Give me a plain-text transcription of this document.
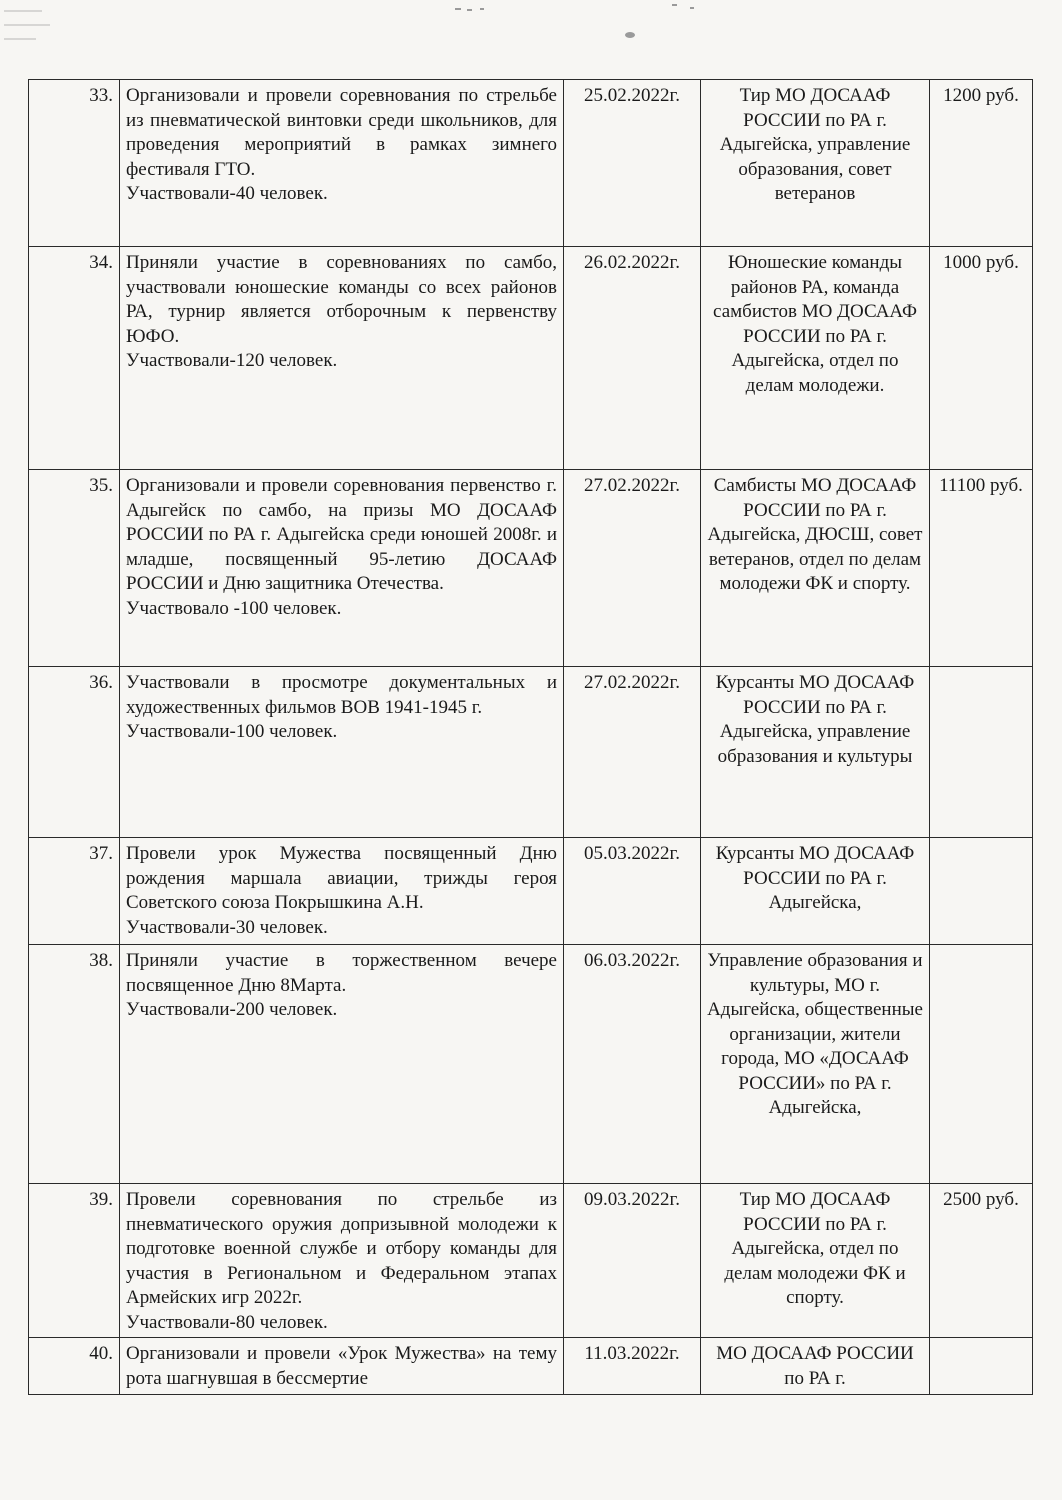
33.	Организовали и провели соревнования по стрельбе из пневматической винтовки среди школьников, для проведения мероприятий в рамках зимнего фестиваля ГТО.
Участвовали-40 человек.	25.02.2022г.	Тир МО ДОСААФ РОССИИ по РА г. Адыгейска, управление образования, совет ветеранов	1200 руб.
34.	Приняли участие в соревнованиях по самбо, участвовали юношеские команды со всех районов РА, турнир является отборочным к первенству ЮФО.
Участвовали-120 человек.	26.02.2022г.	Юношеские команды районов РА, команда самбистов МО ДОСААФ РОССИИ по РА г. Адыгейска, отдел по делам молодежи.	1000 руб.
35.	Организовали и провели соревнования первенство г. Адыгейск по самбо, на призы МО ДОСААФ РОССИИ по РА г. Адыгейска среди юношей 2008г. и младше, посвященный 95-летию ДОСААФ РОССИИ и Дню защитника Отечества.
Участвовало -100 человек.	27.02.2022г.	Самбисты МО ДОСААФ РОССИИ по РА г. Адыгейска, ДЮСШ, совет ветеранов, отдел по делам молодежи ФК и спорту.	11100 руб.
36.	Участвовали в просмотре документальных и художественных фильмов ВОВ 1941-1945 г.
Участвовали-100 человек.	27.02.2022г.	Курсанты МО ДОСААФ РОССИИ по РА г. Адыгейска, управление образования и культуры	

37.	Провели урок Мужества посвященный Дню рождения маршала авиации, трижды героя Советского союза Покрышкина А.Н.
Участвовали-30 человек.	05.03.2022г.	Курсанты МО ДОСААФ РОССИИ по РА г. Адыгейска,	

38.	Приняли участие в торжественном вечере посвященное Дню 8Марта.
Участвовали-200 человек.	06.03.2022г.	Управление образования и культуры, МО г. Адыгейска, общественные организации, жители города, МО «ДОСААФ РОССИИ» по РА г. Адыгейска,	

39.	Провели соревнования по стрельбе из пневматического оружия допризывной молодежи к подготовке военной службе и отбору команды для участия в Региональном и Федеральном этапах Армейских игр 2022г.
Участвовали-80 человек.	09.03.2022г.	Тир МО ДОСААФ РОССИИ по РА г. Адыгейска, отдел по делам молодежи ФК и спорту.	2500 руб.
40.	Организовали и провели «Урок Мужества» на тему рота шагнувшая в бессмертие	11.03.2022г.	МО ДОСААФ РОССИИ по РА г.	
